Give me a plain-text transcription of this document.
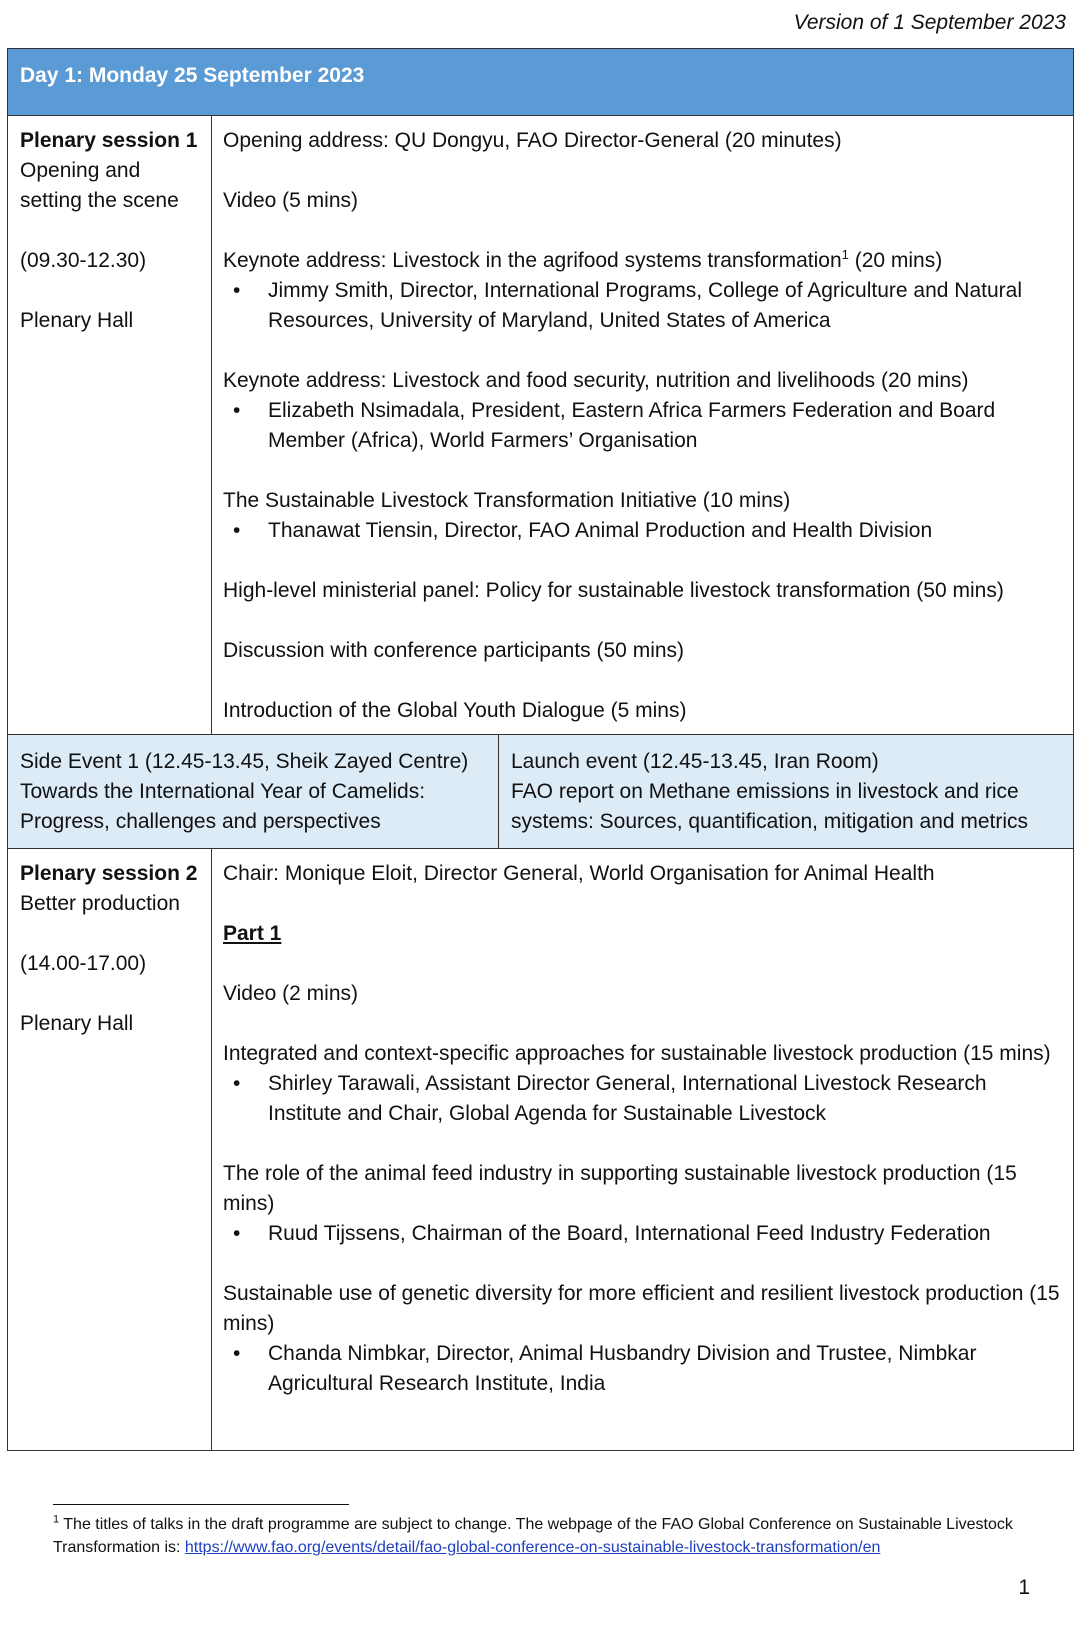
Version of 1 September 2023
Day 1: Monday 25 September 2023
Plenary session 1
Opening and setting the scene
(09.30-12.30)
Plenary Hall
Opening address: QU Dongyu, FAO Director-General (20 minutes)
Video (5 mins)
Keynote address: Livestock in the agrifood systems transformation$^1$ (20 mins)
• Jimmy Smith, Director, International Programs, College of Agriculture and Natural Resources, University of Maryland, United States of America
Keynote address: Livestock and food security, nutrition and livelihoods (20 mins)
• Elizabeth Nsimadala, President, Eastern Africa Farmers Federation and Board Member (Africa), World Farmers’ Organisation
The Sustainable Livestock Transformation Initiative (10 mins)
• Thanawat Tiensin, Director, FAO Animal Production and Health Division
High-level ministerial panel: Policy for sustainable livestock transformation (50 mins)
Discussion with conference participants (50 mins)
Introduction of the Global Youth Dialogue (5 mins)
Side Event 1 (12.45-13.45, Sheik Zayed Centre)
Towards the International Year of Camelids: Progress, challenges and perspectives
Launch event (12.45-13.45, Iran Room)
FAO report on Methane emissions in livestock and rice systems: Sources, quantification, mitigation and metrics
Plenary session 2
Better production
(14.00-17.00)
Plenary Hall
Chair: Monique Eloit, Director General, World Organisation for Animal Health
Part 1
Video (2 mins)
Integrated and context-specific approaches for sustainable livestock production (15 mins)
• Shirley Tarawali, Assistant Director General, International Livestock Research Institute and Chair, Global Agenda for Sustainable Livestock
The role of the animal feed industry in supporting sustainable livestock production (15 mins)
• Ruud Tijssens, Chairman of the Board, International Feed Industry Federation
Sustainable use of genetic diversity for more efficient and resilient livestock production (15 mins)
• Chanda Nimbkar, Director, Animal Husbandry Division and Trustee, Nimbkar Agricultural Research Institute, India
$^1$ The titles of talks in the draft programme are subject to change. The webpage of the FAO Global Conference on Sustainable Livestock Transformation is: https://www.fao.org/events/detail/fao-global-conference-on-sustainable-livestock-transformation/en
1
